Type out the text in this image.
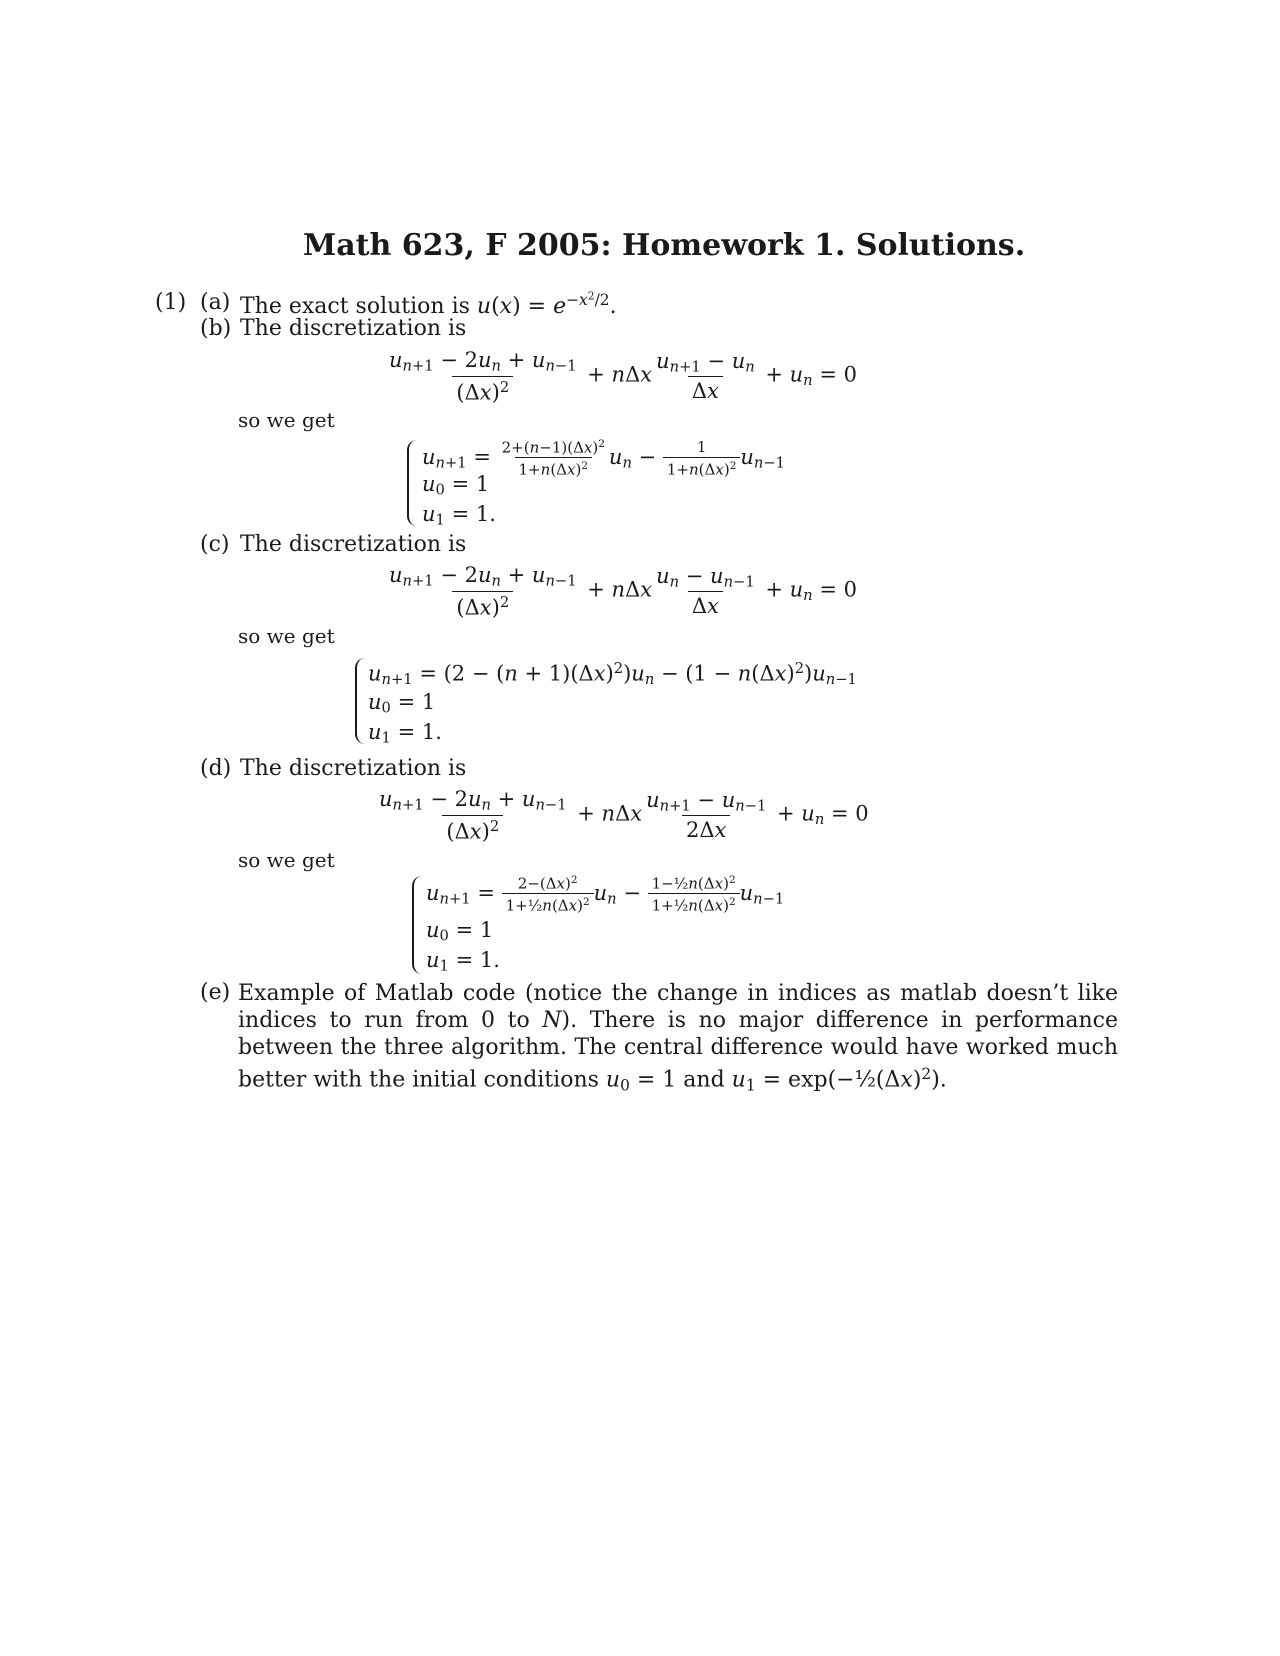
Math 623, F 2005: Homework 1. Solutions.
(1) (a) The exact solution is $u(x) = e^{-x^2/2}$.
(b) The discretization is
$\frac{u_{n+1} - 2u_n + u_{n-1}}{(\Delta x)^2} + n\Delta x \frac{u_{n+1} - u_n}{\Delta x} + u_n = 0$
so we get
$u_{n+1} = \frac{2+(n-1)(\Delta x)^2}{1+n(\Delta x)^2} u_n - \frac{1}{1+n(\Delta x)^2} u_{n-1}$
$u_0 = 1$
$u_1 = 1$.
(c) The discretization is
$\frac{u_{n+1} - 2u_n + u_{n-1}}{(\Delta x)^2} + n\Delta x \frac{u_n - u_{n-1}}{\Delta x} + u_n = 0$
so we get
$u_{n+1} = (2 - (n + 1)(\Delta x)^2)u_n - (1 - n(\Delta x)^2)u_{n-1}$
$u_0 = 1$
$u_1 = 1$.
(d) The discretization is
$\frac{u_{n+1} - 2u_n + u_{n-1}}{(\Delta x)^2} + n\Delta x \frac{u_{n+1} - u_{n-1}}{2\Delta x} + u_n = 0$
so we get
$u_{n+1} = \frac{2-(\Delta x)^2}{1+\frac{1}{2}n(\Delta x)^2} u_n - \frac{1-\frac{1}{2}n(\Delta x)^2}{1+\frac{1}{2}n(\Delta x)^2} u_{n-1}$
$u_0 = 1$
$u_1 = 1$.
(e) Example of Matlab code (notice the change in indices as matlab doesn’t like indices to run from 0 to N). There is no major difference in performance between the three algorithm. The central difference would have worked much better with the initial conditions $u_0 = 1$ and $u_1$ = $\exp(-\frac{1}{2}(\Delta x)^2)$.
